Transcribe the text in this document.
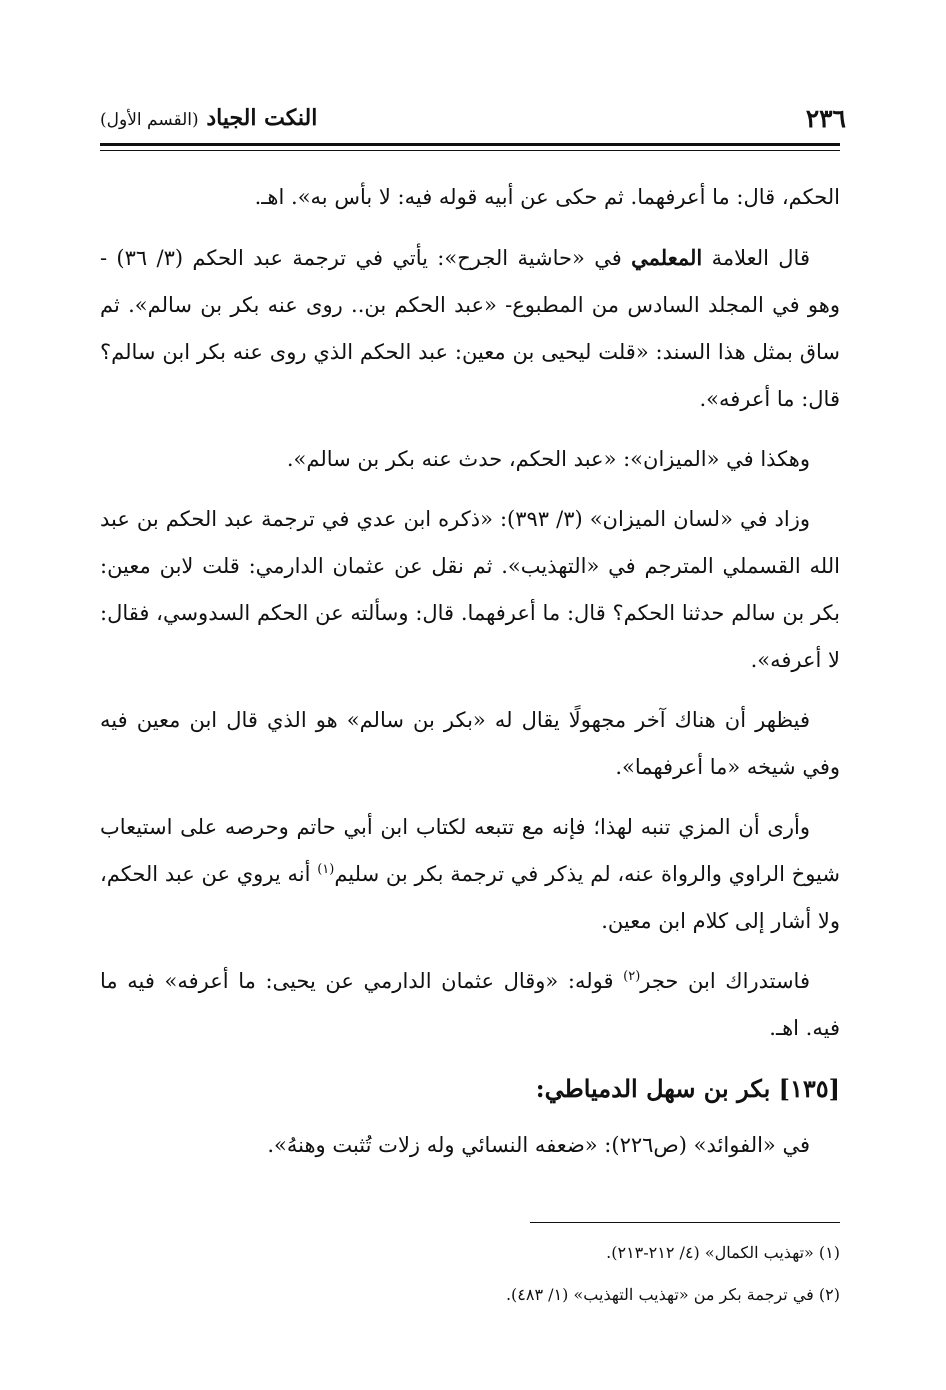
٢٣٦
النكت الجياد (القسم الأول)

الحكم، قال: ما أعرفهما. ثم حكى عن أبيه قوله فيه: لا بأس به». اهـ.

قال العلامة المعلمي في «حاشية الجرح»: يأتي في ترجمة عبد الحكم (٣/ ٣٦) - وهو في المجلد السادس من المطبوع- «عبد الحكم بن.. روى عنه بكر بن سالم». ثم ساق بمثل هذا السند: «قلت ليحيى بن معين: عبد الحكم الذي روى عنه بكر ابن سالم؟ قال: ما أعرفه».

وهكذا في «الميزان»: «عبد الحكم، حدث عنه بكر بن سالم».

وزاد في «لسان الميزان» (٣/ ٣٩٣): «ذكره ابن عدي في ترجمة عبد الحكم بن عبد الله القسملي المترجم في «التهذيب». ثم نقل عن عثمان الدارمي: قلت لابن معين: بكر بن سالم حدثنا الحكم؟ قال: ما أعرفهما. قال: وسألته عن الحكم السدوسي، فقال: لا أعرفه».

فيظهر أن هناك آخر مجهولًا يقال له «بكر بن سالم» هو الذي قال ابن معين فيه وفي شيخه «ما أعرفهما».

وأرى أن المزي تنبه لهذا؛ فإنه مع تتبعه لكتاب ابن أبي حاتم وحرصه على استيعاب شيوخ الراوي والرواة عنه، لم يذكر في ترجمة بكر بن سليم$^{(١)}$ أنه يروي عن عبد الحكم، ولا أشار إلى كلام ابن معين.

فاستدراك ابن حجر$^{(٢)}$ قوله: «وقال عثمان الدارمي عن يحيى: ما أعرفه» فيه ما فيه. اهـ.

[١٣٥] بكر بن سهل الدمياطي:

في «الفوائد» (ص٢٢٦): «ضعفه النسائي وله زلات تُثبت وهنهُ».

(١) «تهذيب الكمال» (٤/ ٢١٢-٢١٣).
(٢) في ترجمة بكر من «تهذيب التهذيب» (١/ ٤٨٣).
